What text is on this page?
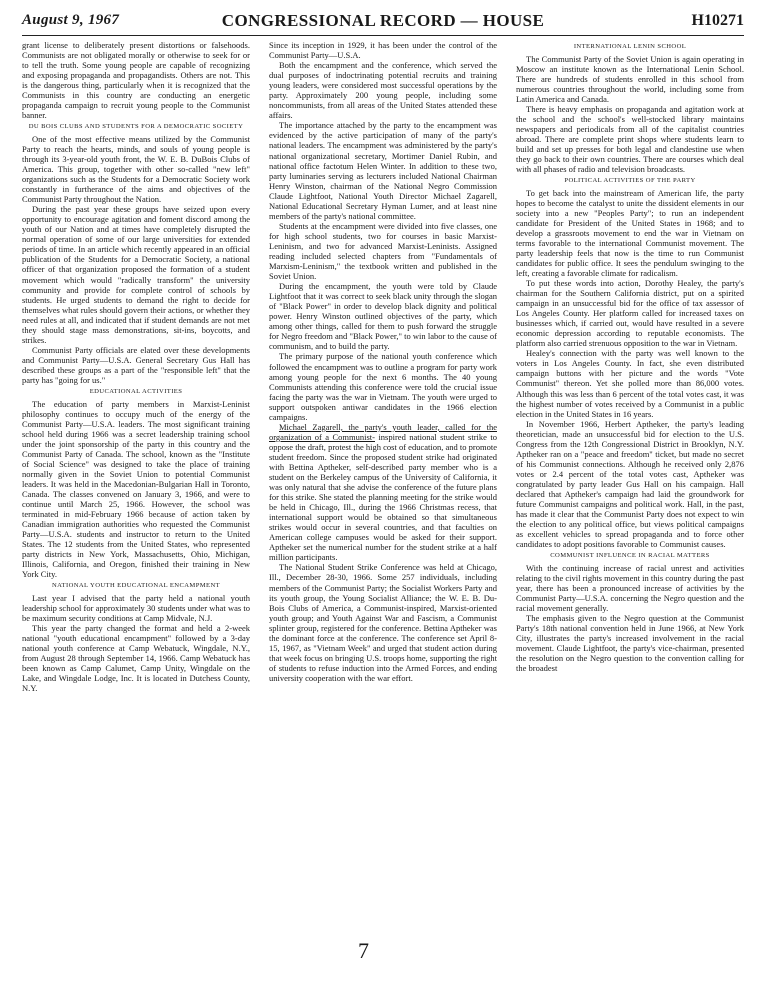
August 9, 1967	CONGRESSIONAL RECORD — HOUSE	H10271

grant license to deliberately present distortions or falsehoods. Communists are not obligated morally or otherwise to seek for or to tell the truth. Some young people are capable of recognizing and exposing propaganda and propagandists. Others are not. This is the dangerous thing, particularly when it is recognized that the Communists in this country are conducting an energetic propaganda campaign to recruit young people to the Communist banner.

DU BOIS CLUBS AND STUDENTS FOR A DEMOCRATIC SOCIETY

One of the most effective means utilized by the Communist Party to reach the hearts, minds, and souls of young people is through its 3-year-old youth front, the W. E. B. DuBois Clubs of America. This group, together with other so-called "new left" organizations such as the Students for a Democratic Society work constantly in furtherance of the aims and objectives of the Communist Party throughout the Nation.

During the past year these groups have seized upon every opportunity to encourage agitation and foment discord among the youth of our Nation and at times have completely disrupted the normal operation of some of our large universities for extended periods of time. In an article which recently appeared in an official publication of the Students for a Democratic Society, a national officer of that organization proposed the formation of a student movement which would "radically transform" the university community and provide for complete control of schools by students. He urged students to demand the right to decide for themselves what rules should govern their actions, or whether they need rules at all, and indicated that if student demands are not met they should stage mass demonstrations, sit-ins, boycotts, and strikes.

Communist Party officials are elated over these developments and Communist Party—U.S.A. General Secretary Gus Hall has described these groups as a part of the "responsible left" that the party has "going for us."

EDUCATIONAL ACTIVITIES

The education of party members in Marxist-Leninist philosophy continues to occupy much of the energy of the Communist Party—U.S.A. leaders. The most significant training school held during 1966 was a secret leadership training school under the joint sponsorship of the party in this country and the Communist Party of Canada. The school, known as the "Institute of Social Science" was designed to take the place of training normally given in the Soviet Union to potential Communist leaders. It was held in the Macedonian-Bulgarian Hall in Toronto, Canada. The classes convened on January 3, 1966, and were to continue until March 25, 1966. However, the school was terminated in mid-February 1966 because of action taken by Canadian immigration authorities who requested the Communist Party—U.S.A. students and instructor to return to the United States. The 12 students from the United States, who represented party districts in New York, Massachusetts, Ohio, Michigan, Illinois, California, and Oregon, finished their training in New York City.

NATIONAL YOUTH EDUCATIONAL ENCAMPMENT

Last year I advised that the party held a national youth leadership school for approximately 30 students under what was to be maximum security conditions at Camp Midvale, N.J.

This year the party changed the format and held a 2-week national "youth educational encampment" followed by a 3-day national youth conference at Camp Webatuck, Wingdale, N.Y., from August 28 through September 14, 1966. Camp Webatuck has been known as Camp Calumet, Camp Unity, Wingdale on the Lake, and Wingdale Lodge, Inc. It is located in Dutchess County, N.Y.

Since its inception in 1929, it has been under the control of the Communist Party—U.S.A.

Both the encampment and the conference, which served the dual purposes of indoctrinating potential recruits and training young leaders, were considered most successful operations by the party. Approximately 200 young people, including some noncommunists, from all areas of the United States attended these affairs.

The importance attached by the party to the encampment was evidenced by the active participation of many of the party's national leaders. The encampment was administered by the party's national organizational secretary, Mortimer Daniel Rubin, and national office factotum Helen Winter. In addition to these two, party luminaries serving as lecturers included National Chairman Henry Winston, chairman of the National Negro Commission Claude Lightfoot, National Youth Director Michael Zagarell, National Educational Secretary Hyman Lumer, and at least nine members of the party's national committee.

Students at the encampment were divided into five classes, one for high school students, two for courses in basic Marxist-Leninism, and two for advanced Marxist-Leninists. Assigned reading included selected chapters from "Fundamentals of Marxism-Leninism," the textbook written and published in the Soviet Union.

During the encampment, the youth were told by Claude Lightfoot that it was correct to seek black unity through the slogan of "Black Power" in order to develop black dignity and political power. Henry Winston outlined objectives of the party, which among other things, called for them to push forward the struggle for Negro freedom and "Black Power," to win labor to the cause of communism, and to build the party.

The primary purpose of the national youth conference which followed the encampment was to outline a program for party work among young people for the next 6 months. The 40 young Communists attending this conference were told the crucial issue facing the party was the war in Vietnam. The youth were urged to support outspoken antiwar candidates in the 1966 election campaigns.

Michael Zagarell, the party's youth leader, called for the organization of a Communist- inspired national student strike to oppose the draft, protest the high cost of education, and to promote student freedom. Since the proposed student strike had originated with Bettina Aptheker, self-described party member who is a student on the Berkeley campus of the University of California, it was only natural that she advise the conference of the future plans for this strike. She stated the planning meeting for the strike would be held in Chicago, Ill., during the 1966 Christmas recess, that international support would be obtained so that simultaneous strikes would occur in several countries, and that faculties on American college campuses would be asked for their support. Aptheker set the numerical number for the student strike at a half million participants.

The National Student Strike Conference was held at Chicago, Ill., December 28-30, 1966. Some 257 individuals, including members of the Communist Party; the Socialist Workers Party and its youth group, the Young Socialist Alliance; the W. E. B. Du-Bois Clubs of America, a Communist-inspired, Marxist-oriented youth group; and Youth Against War and Fascism, a Communist splinter group, registered for the conference. Bettina Aptheker was the dominant force at the conference. The conference set April 8-15, 1967, as "Vietnam Week" and urged that student action during that week focus on bringing U.S. troops home, supporting the right of students to refuse induction into the Armed Forces, and ending university cooperation with the war effort.

INTERNATIONAL LENIN SCHOOL

The Communist Party of the Soviet Union is again operating in Moscow an institute known as the International Lenin School. There are hundreds of students enrolled in this school from numerous countries throughout the world, including some from Latin America and Canada.

There is heavy emphasis on propaganda and agitation work at the school and the school's well-stocked library maintains newspapers and periodicals from all of the capitalist countries abroad. There are complete print shops where students learn to build and set up presses for both legal and clandestine use when they go back to their own countries. There are courses which deal with all phases of radio and television broadcasts.

POLITICAL ACTIVITIES OF THE PARTY

To get back into the mainstream of American life, the party hopes to become the catalyst to unite the dissident elements in our society into a new "Peoples Party"; to run an independent candidate for President of the United States in 1968; and to develop a grassroots movement to end the war in Vietnam on terms favorable to the international Communist movement. The party leadership feels that now is the time to run Communist candidates for public office. It sees the pendulum swinging to the left, creating a favorable climate for radicalism.

To put these words into action, Dorothy Healey, the party's chairman for the Southern California district, put on a spirited campaign in an unsuccessful bid for the office of tax assessor of Los Angeles County. Her platform called for increased taxes on businesses which, if carried out, would have resulted in a severe economic depression according to reputable economists. The platform also carried strenuous opposition to the war in Vietnam.

Healey's connection with the party was well known to the voters in Los Angeles County. In fact, she even distributed campaign buttons with her picture and the words "Vote Communist" thereon. Yet she polled more than 86,000 votes. Although this was less than 6 percent of the total votes cast, it was the highest number of votes received by a Communist in a public election in the United States in 16 years.

In November 1966, Herbert Aptheker, the party's leading theoretician, made an unsuccessful bid for election to the U.S. Congress from the 12th Congressional District in Brooklyn, N.Y. Aptheker ran on a "peace and freedom" ticket, but made no secret of his Communist connections. Although he received only 2,876 votes or 2.4 percent of the total votes cast, Aptheker was congratulated by party leader Gus Hall on his campaign. Hall declared that Aptheker's campaign had laid the groundwork for future Communist campaigns and political work. Hall, in the past, has made it clear that the Communist Party does not expect to win the election to any political office, but views political campaigns as excellent vehicles to spread propaganda and to force other candidates to adopt positions favorable to Communist causes.

COMMUNIST INFLUENCE IN RACIAL MATTERS

With the continuing increase of racial unrest and activities relating to the civil rights movement in this country during the past year, there has been a pronounced increase of activities by the Communist Party—U.S.A. concerning the Negro question and the racial movement generally.

The emphasis given to the Negro question at the Communist Party's 18th national convention held in June 1966, at New York City, illustrates the party's increased involvement in the racial movement. Claude Lightfoot, the party's vice-chairman, presented the resolution on the Negro question to the convention calling for the broadest

7
